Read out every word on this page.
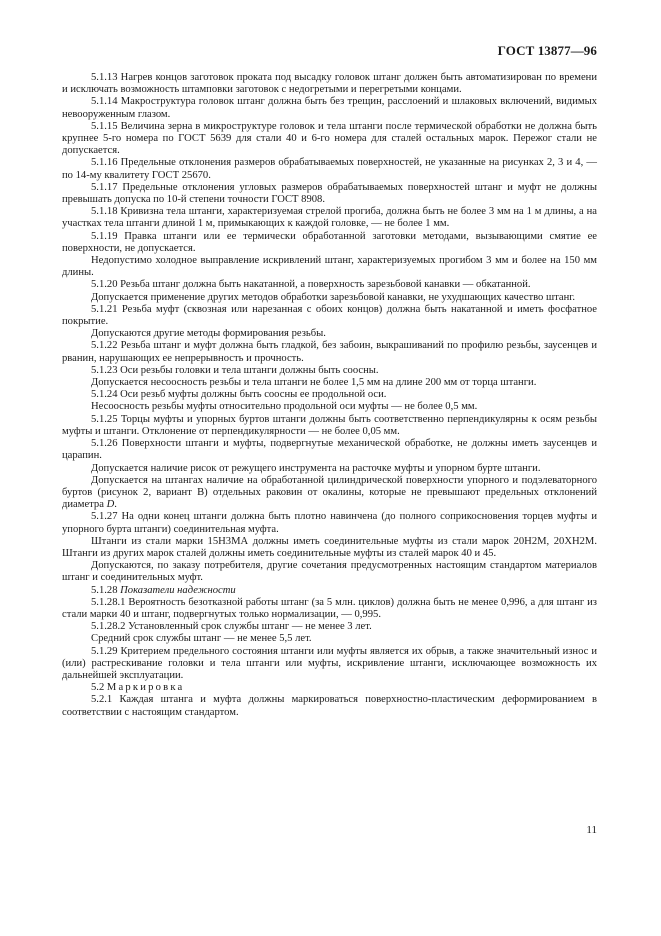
ГОСТ 13877—96

5.1.13 Нагрев концов заготовок проката под высадку головок штанг должен быть автоматизирован по времени и исключать возможность штамповки заготовок с недогретыми и перегретыми концами.

5.1.14 Макроструктура головок штанг должна быть без трещин, расслоений и шлаковых включений, видимых невооруженным глазом.

5.1.15 Величина зерна в микроструктуре головок и тела штанги после термической обработки не должна быть крупнее 5-го номера по ГОСТ 5639 для стали 40 и 6-го номера для сталей остальных марок. Пережог стали не допускается.

5.1.16 Предельные отклонения размеров обрабатываемых поверхностей, не указанные на рисунках 2, 3 и 4, — по 14-му квалитету ГОСТ 25670.

5.1.17 Предельные отклонения угловых размеров обрабатываемых поверхностей штанг и муфт не должны превышать допуска по 10-й степени точности ГОСТ 8908.

5.1.18 Кривизна тела штанги, характеризуемая стрелой прогиба, должна быть не более 3 мм на 1 м длины, а на участках тела штанги длиной 1 м, примыкающих к каждой головке, — не более 1 мм.

5.1.19 Правка штанги или ее термически обработанной заготовки методами, вызывающими смятие ее поверхности, не допускается.

Недопустимо холодное выправление искривлений штанг, характеризуемых прогибом 3 мм и более на 150 мм длины.

5.1.20 Резьба штанг должна быть накатанной, а поверхность зарезьбовой канавки — обкатанной.

Допускается применение других методов обработки зарезьбовой канавки, не ухудшающих качество штанг.

5.1.21 Резьба муфт (сквозная или нарезанная с обоих концов) должна быть накатанной и иметь фосфатное покрытие.

Допускаются другие методы формирования резьбы.

5.1.22 Резьба штанг и муфт должна быть гладкой, без забоин, выкрашиваний по профилю резьбы, заусенцев и рванин, нарушающих ее непрерывность и прочность.

5.1.23 Оси резьбы головки и тела штанги должны быть соосны.

Допускается несоосность резьбы и тела штанги не более 1,5 мм на длине 200 мм от торца штанги.

5.1.24 Оси резьб муфты должны быть соосны ее продольной оси.

Несоосность резьбы муфты относительно продольной оси муфты — не более 0,5 мм.

5.1.25 Торцы муфты и упорных буртов штанги должны быть соответственно перпендикулярны к осям резьбы муфты и штанги. Отклонение от перпендикулярности — не более 0,05 мм.

5.1.26 Поверхности штанги и муфты, подвергнутые механической обработке, не должны иметь заусенцев и царапин.

Допускается наличие рисок от режущего инструмента на расточке муфты и упорном бурте штанги.

Допускается на штангах наличие на обработанной цилиндрической поверхности упорного и подэлеваторного буртов (рисунок 2, вариант В) отдельных раковин от окалины, которые не превышают предельных отклонений диаметра D.

5.1.27 На одни конец штанги должна быть плотно навинчена (до полного соприкосновения торцев муфты и упорного бурта штанги) соединительная муфта.

Штанги из стали марки 15Н3МА должны иметь соединительные муфты из стали марок 20Н2М, 20ХН2М. Штанги из других марок сталей должны иметь соединительные муфты из сталей марок 40 и 45.

Допускаются, по заказу потребителя, другие сочетания предусмотренных настоящим стандартом материалов штанг и соединительных муфт.

5.1.28 Показатели надежности

5.1.28.1 Вероятность безотказной работы штанг (за 5 млн. циклов) должна быть не менее 0,996, а для штанг из стали марки 40 и штанг, подвергнутых только нормализации, — 0,995.

5.1.28.2 Установленный срок службы штанг — не менее 3 лет.

Средний срок службы штанг — не менее 5,5 лет.

5.1.29 Критерием предельного состояния штанги или муфты является их обрыв, а также значительный износ и (или) растрескивание головки и тела штанги или муфты, искривление штанги, исключающее возможность их дальнейшей эксплуатации.

5.2 Маркировка

5.2.1 Каждая штанга и муфта должны маркироваться поверхностно-пластическим деформированием в соответствии с настоящим стандартом.

11
